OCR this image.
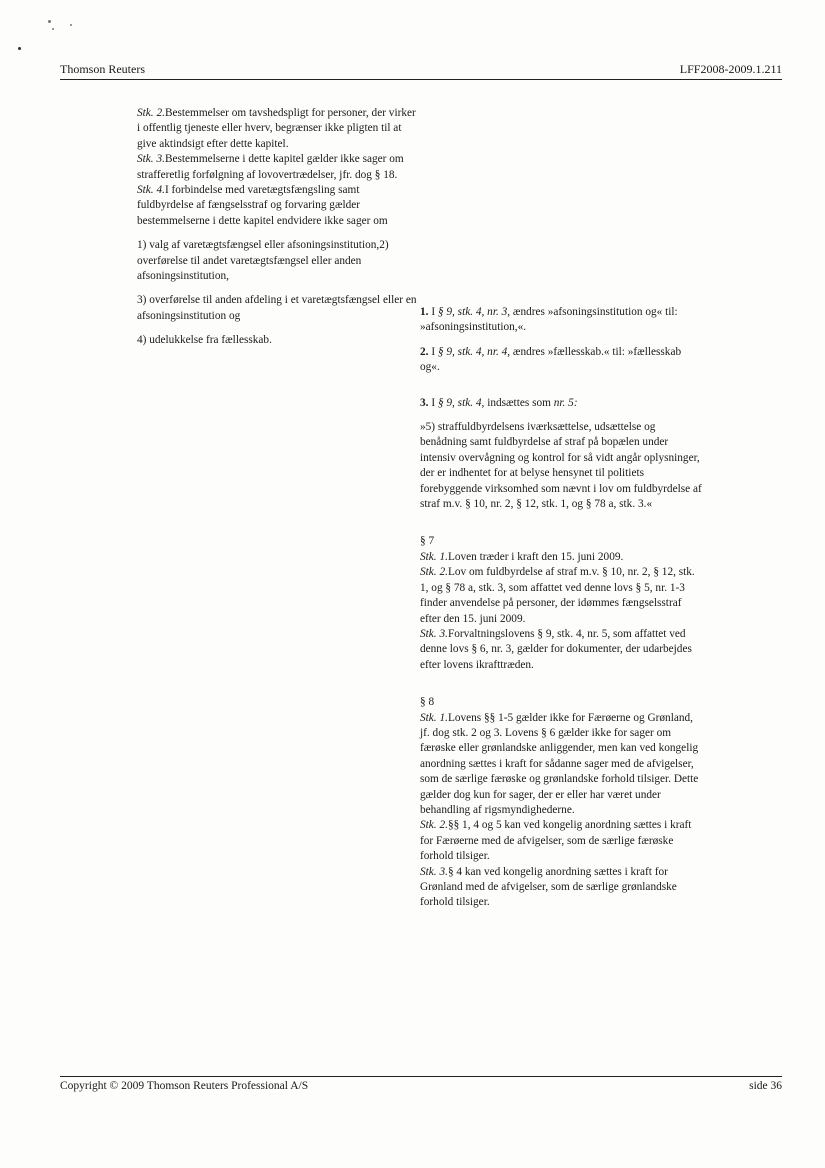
Thomson Reuters	LFF2008-2009.1.211

Stk. 2.Bestemmelser om tavshedspligt for personer, der virker i offentlig tjeneste eller hverv, begrænser ikke pligten til at give aktindsigt efter dette kapitel.

Stk. 3.Bestemmelserne i dette kapitel gælder ikke sager om strafferetlig forfølgning af lovovertrædelser, jfr. dog § 18.

Stk. 4.I forbindelse med varetægtsfængsling samt fuldbyrdelse af fængselsstraf og forvaring gælder bestemmelserne i dette kapitel endvidere ikke sager om

1) valg af varetægtsfængsel eller afsoningsinstitution,2) overførelse til andet varetægtsfængsel eller anden afsoningsinstitution,

3) overførelse til anden afdeling i et varetægtsfængsel eller en afsoningsinstitution og

4) udelukkelse fra fællesskab.

1. I § 9, stk. 4, nr. 3, ændres »afsoningsinstitution og« til: »afsoningsinstitution,«.

2. I § 9, stk. 4, nr. 4, ændres »fællesskab.« til: »fællesskab og«.

3. I § 9, stk. 4, indsættes som nr. 5:

»5) straffuldbyrdelsens iværksættelse, udsættelse og benådning samt fuldbyrdelse af straf på bopælen under intensiv overvågning og kontrol for så vidt angår oplysninger, der er indhentet for at belyse hensynet til politiets forebyggende virksomhed som nævnt i lov om fuldbyrdelse af straf m.v. § 10, nr. 2, § 12, stk. 1, og § 78 a, stk. 3.«

§ 7

Stk. 1.Loven træder i kraft den 15. juni 2009.

Stk. 2.Lov om fuldbyrdelse af straf m.v. § 10, nr. 2, § 12, stk. 1, og § 78 a, stk. 3, som affattet ved denne lovs § 5, nr. 1-3 finder anvendelse på personer, der idømmes fængselsstraf efter den 15. juni 2009.

Stk. 3.Forvaltningslovens § 9, stk. 4, nr. 5, som affattet ved denne lovs § 6, nr. 3, gælder for dokumenter, der udarbejdes efter lovens ikrafttræden.

§ 8

Stk. 1.Lovens §§ 1-5 gælder ikke for Færøerne og Grønland, jf. dog stk. 2 og 3. Lovens § 6 gælder ikke for sager om færøske eller grønlandske anliggender, men kan ved kongelig anordning sættes i kraft for sådanne sager med de afvigelser, som de særlige færøske og grønlandske forhold tilsiger. Dette gælder dog kun for sager, der er eller har været under behandling af rigsmyndighederne.

Stk. 2.§§ 1, 4 og 5 kan ved kongelig anordning sættes i kraft for Færøerne med de afvigelser, som de særlige færøske forhold tilsiger.

Stk. 3.§ 4 kan ved kongelig anordning sættes i kraft for Grønland med de afvigelser, som de særlige grønlandske forhold tilsiger.

Copyright © 2009 Thomson Reuters Professional A/S	side 36
